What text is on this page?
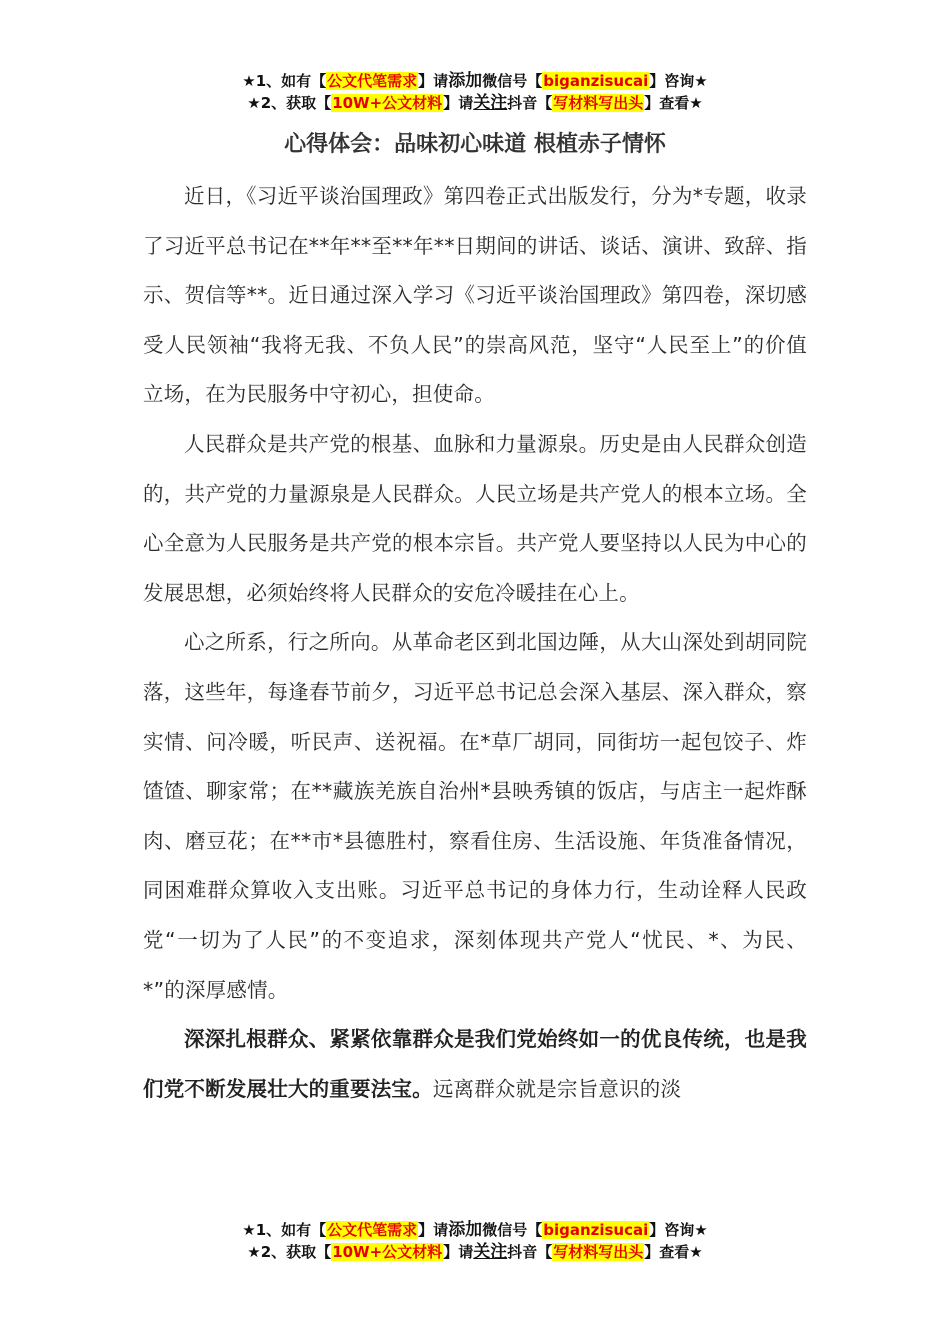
★1、如有【公文代笔需求】请添加微信号【biganzisucai】咨询★
★2、获取【10W+公文材料】请关注抖音【写材料写出头】查看★
心得体会：品味初心味道 根植赤子情怀

近日，《习近平谈治国理政》第四卷正式出版发行，分为*专题，收录了习近平总书记在**年**至**年**日期间的讲话、谈话、演讲、致辞、指示、贺信等**。近日通过深入学习《习近平谈治国理政》第四卷，深切感受人民领袖“我将无我、不负人民”的崇高风范，坚守“人民至上”的价值立场，在为民服务中守初心，担使命。

人民群众是共产党的根基、血脉和力量源泉。历史是由人民群众创造的，共产党的力量源泉是人民群众。人民立场是共产党人的根本立场。全心全意为人民服务是共产党的根本宗旨。共产党人要坚持以人民为中心的发展思想，必须始终将人民群众的安危冷暖挂在心上。

心之所系，行之所向。从革命老区到北国边陲，从大山深处到胡同院落，这些年，每逢春节前夕，习近平总书记总会深入基层、深入群众，察实情、问冷暖，听民声、送祝福。在*草厂胡同，同街坊一起包饺子、炸馇馇、聊家常；在**藏族羌族自治州*县映秀镇的饭店，与店主一起炸酥肉、磨豆花；在**市*县德胜村，察看住房、生活设施、年货准备情况，同困难群众算收入支出账。习近平总书记的身体力行，生动诠释人民政党“一切为了人民”的不变追求，深刻体现共产党人“忧民、*、为民、*”的深厚感情。

深深扎根群众、紧紧依靠群众是我们党始终如一的优良传统，也是我们党不断发展壮大的重要法宝。远离群众就是宗旨意识的淡

★1、如有【公文代笔需求】请添加微信号【biganzisucai】咨询★
★2、获取【10W+公文材料】请关注抖音【写材料写出头】查看★
